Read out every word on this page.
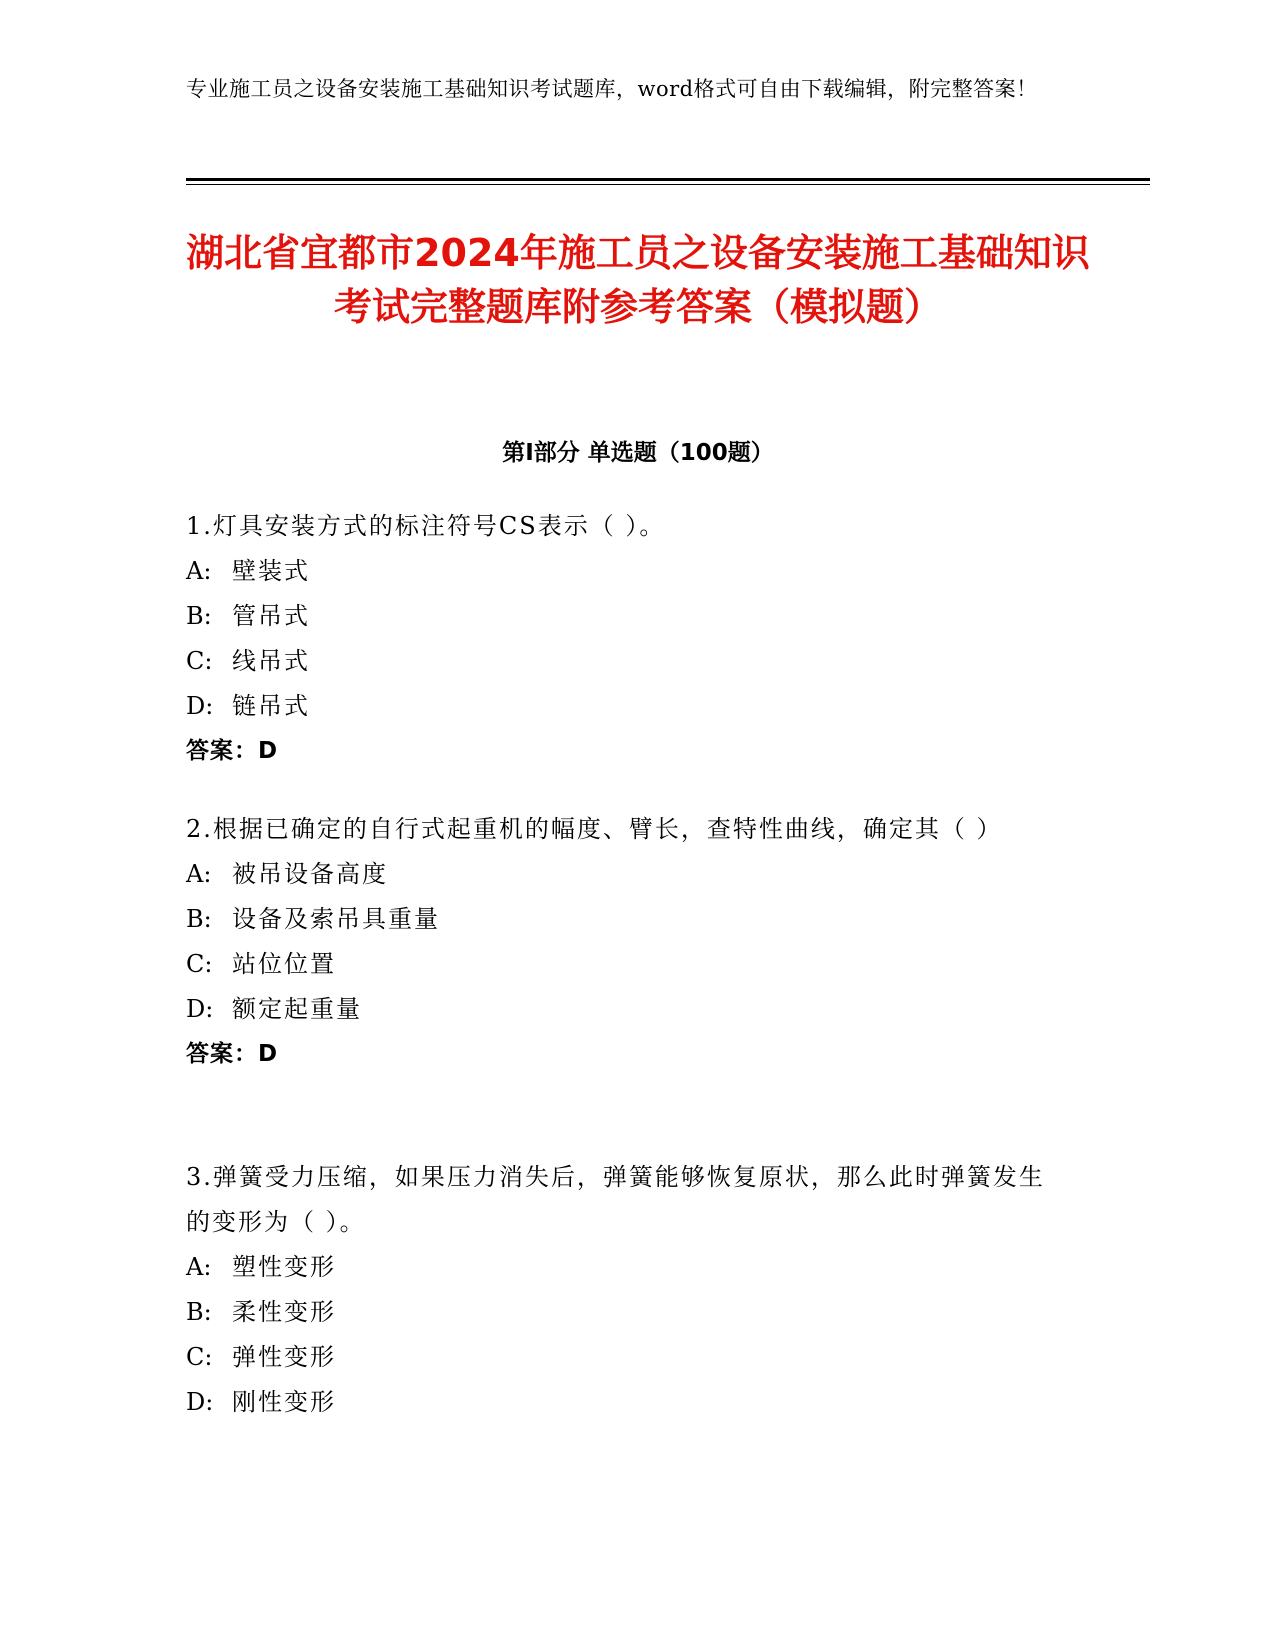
专业施工员之设备安装施工基础知识考试题库，word格式可自由下载编辑，附完整答案！
湖北省宜都市2024年施工员之设备安装施工基础知识考试完整题库附参考答案（模拟题）
第Ⅰ部分 单选题（100题）
1.灯具安装方式的标注符号CS表示（ ）。
A: 壁装式
B: 管吊式
C: 线吊式
D: 链吊式
答案：D
2.根据已确定的自行式起重机的幅度、臂长，查特性曲线，确定其（ ）
A: 被吊设备高度
B: 设备及索吊具重量
C: 站位位置
D: 额定起重量
答案：D
3.弹簧受力压缩，如果压力消失后，弹簧能够恢复原状，那么此时弹簧发生的变形为（ ）。
A: 塑性变形
B: 柔性变形
C: 弹性变形
D: 刚性变形
